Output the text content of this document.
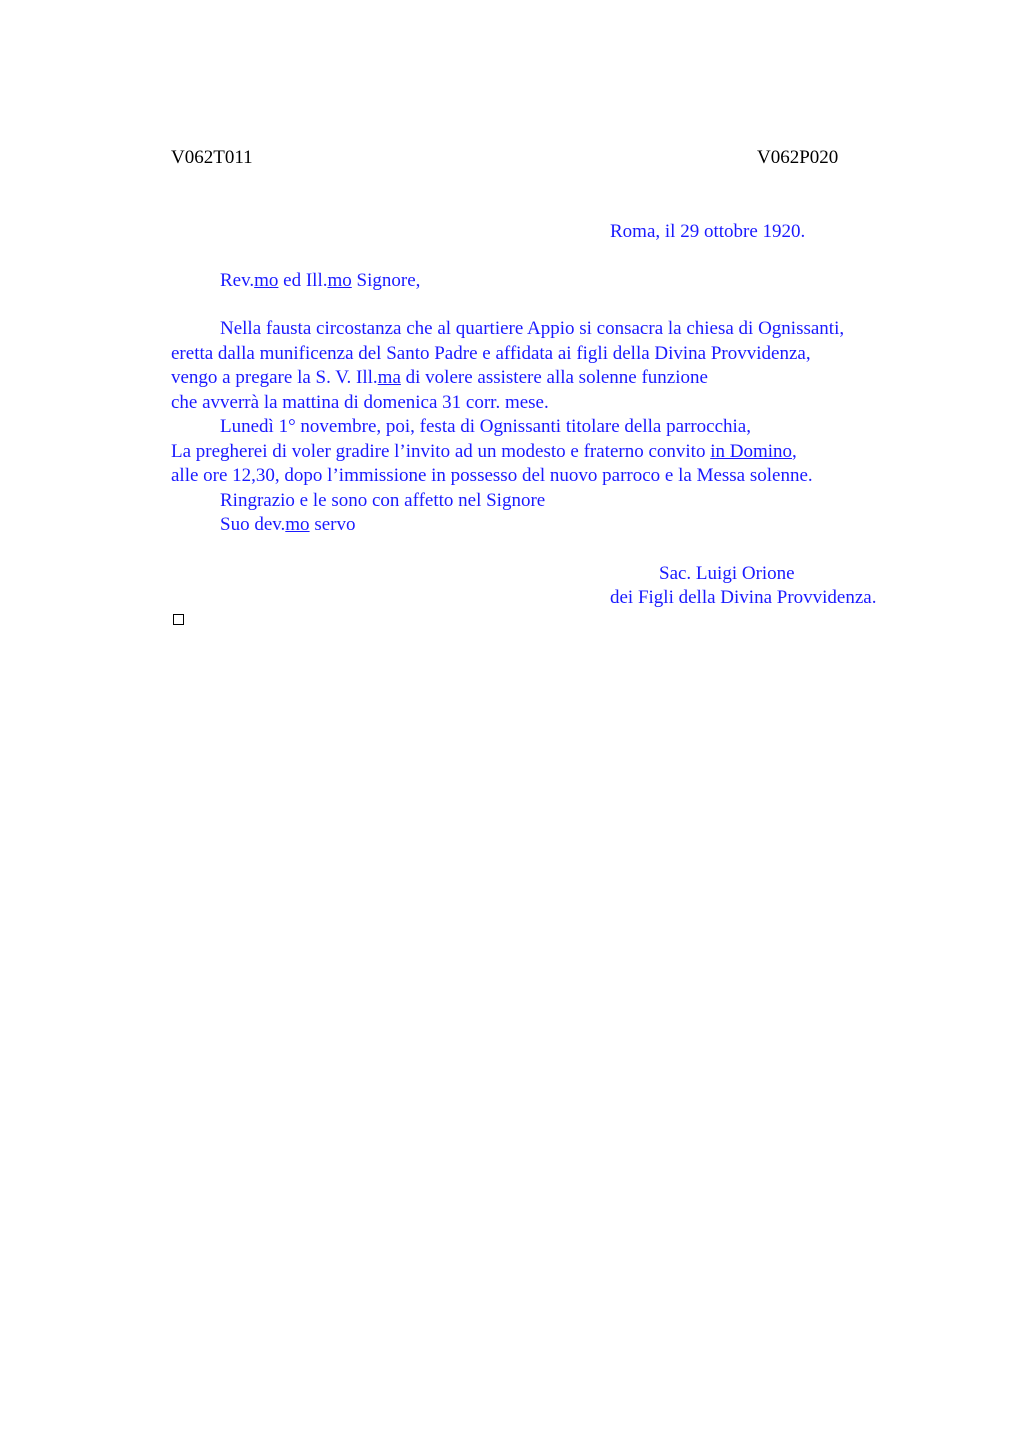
V062T011	V062P020
Roma, il 29 ottobre 1920.
Rev.mo ed Ill.mo Signore,
Nella fausta circostanza che al quartiere Appio si consacra la chiesa di Ognissanti,
eretta dalla munificenza del Santo Padre e affidata ai figli della Divina Provvidenza,
vengo a pregare la S. V. Ill.ma di volere assistere alla solenne funzione
che avverrà la mattina di domenica 31 corr. mese.
Lunedì 1° novembre, poi, festa di Ognissanti titolare della parrocchia,
La pregherei di voler gradire l’invito ad un modesto e fraterno convito in Domino,
alle ore 12,30, dopo l’immissione in possesso del nuovo parroco e la Messa solenne.
Ringrazio e le sono con affetto nel Signore
Suo dev.mo servo
Sac. Luigi Orione
dei Figli della Divina Provvidenza.
